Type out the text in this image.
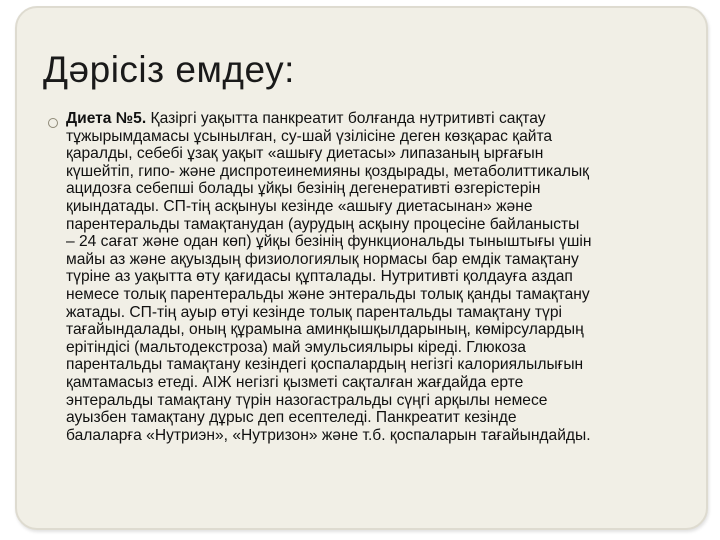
Дәрісіз емдеу:
Диета №5. Қазіргі уақытта панкреатит болғанда нутритивті сақтау
тұжырымдамасы ұсынылған, су-шай үзілісіне деген көзқарас қайта
қаралды, себебі ұзақ уақыт «ашығу диетасы» липазаның ырғағын
күшейтіп, гипо- және диспротеинемияны қоздырады, метаболиттикалық
ацидозға себепші болады ұйқы безінің дегенеративті өзгерістерін
қиындатады. СП-тің асқынуы кезінде «ашығу диетасынан» және
парентеральды тамақтанудан (аурудың асқыну процесіне байланысты
– 24 сағат және одан көп) ұйқы безінің функциональды тыныштығы үшін
майы аз және ақуыздың физиологиялық нормасы бар емдік тамақтану
түріне аз уақытта өту қағидасы құпталады. Нутритивті қолдауға аздап
немесе толық парентеральды және энтеральды толық қанды тамақтану
жатады. СП-тің ауыр өтуі кезінде толық парентальды тамақтану түрі
тағайындалады, оның құрамына аминқышқылдарының, көмірсулардың
ерітіндісі (мальтодекстроза) май эмульсиялыры кіреді. Глюкоза
парентальды тамақтану кезіндегі қоспалардың негізгі калориялылығын
қамтамасыз етеді. АІЖ негізгі қызметі сақталған жағдайда ерте
энтеральды тамақтану түрін назогастральды сүңгі арқылы немесе
ауызбен тамақтану дұрыс деп есептеледі. Панкреатит кезінде
балаларға «Нутриэн», «Нутризон» және т.б. қоспаларын тағайындайды.
